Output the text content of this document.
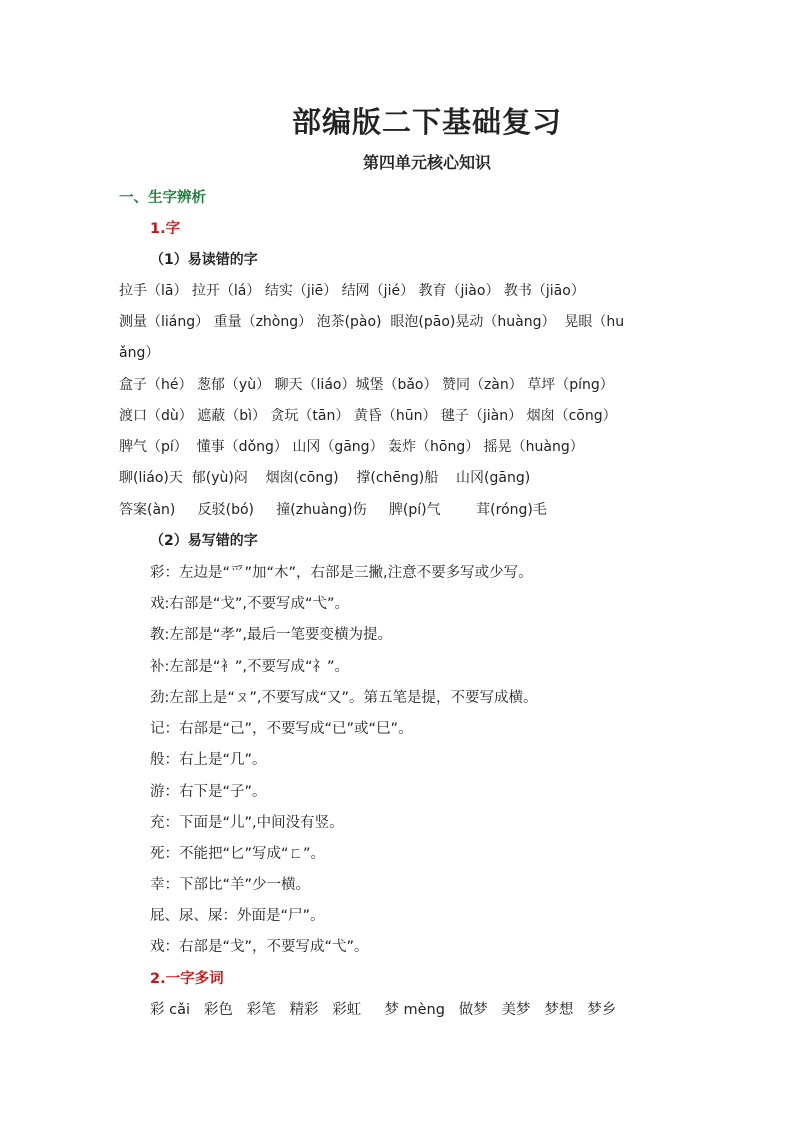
部编版二下基础复习
第四单元核心知识
一、生字辨析
1.字
（1）易读错的字
拉手（lā） 拉开（lá） 结实（jiē） 结网（jié） 教育（jiào） 教书（jiāo）
测量（liáng） 重量（zhòng） 泡茶(pào)  眼泡(pāo)晃动（huàng）  晃眼（hu
ǎng）
盒子（hé） 葱郁（yù） 聊天（liáo）城堡（bǎo） 赞同（zàn） 草坪（píng）
渡口（dù） 遮蔽（bì） 贪玩（tān） 黄昏（hūn） 毽子（jiàn） 烟囱（cōng）
脾气（pí）  懂事（dǒng） 山冈（gāng） 轰炸（hōng） 摇晃（huàng）
聊(liáo)天  郁(yù)闷    烟囱(cōng)    撑(chēng)船    山冈(gāng)
答案(àn)     反驳(bó)     撞(zhuàng)伤     脾(pí)气        茸(róng)毛
（2）易写错的字
彩：左边是“爫”加“木”，右部是三撇,注意不要多写或少写。
戏:右部是“戈”,不要写成“弋”。
教:左部是“孝”,最后一笔要变横为提。
补:左部是“衤”,不要写成“礻”。
劲:左部上是“ㄡ”,不要写成“又”。第五笔是提，不要写成横。
记：右部是“己”，不要写成“已”或“巳”。
般：右上是“几”。
游：右下是“子”。
充：下面是“儿”,中间没有竖。
死：不能把“匕”写成“ㄈ”。
幸：下部比“羊”少一横。
屁、尿、屎：外面是“尸”。
戏：右部是“戈”，不要写成“弋”。
2.一字多词
彩 cǎi   彩色   彩笔   精彩   彩虹     梦 mèng   做梦   美梦   梦想   梦乡
